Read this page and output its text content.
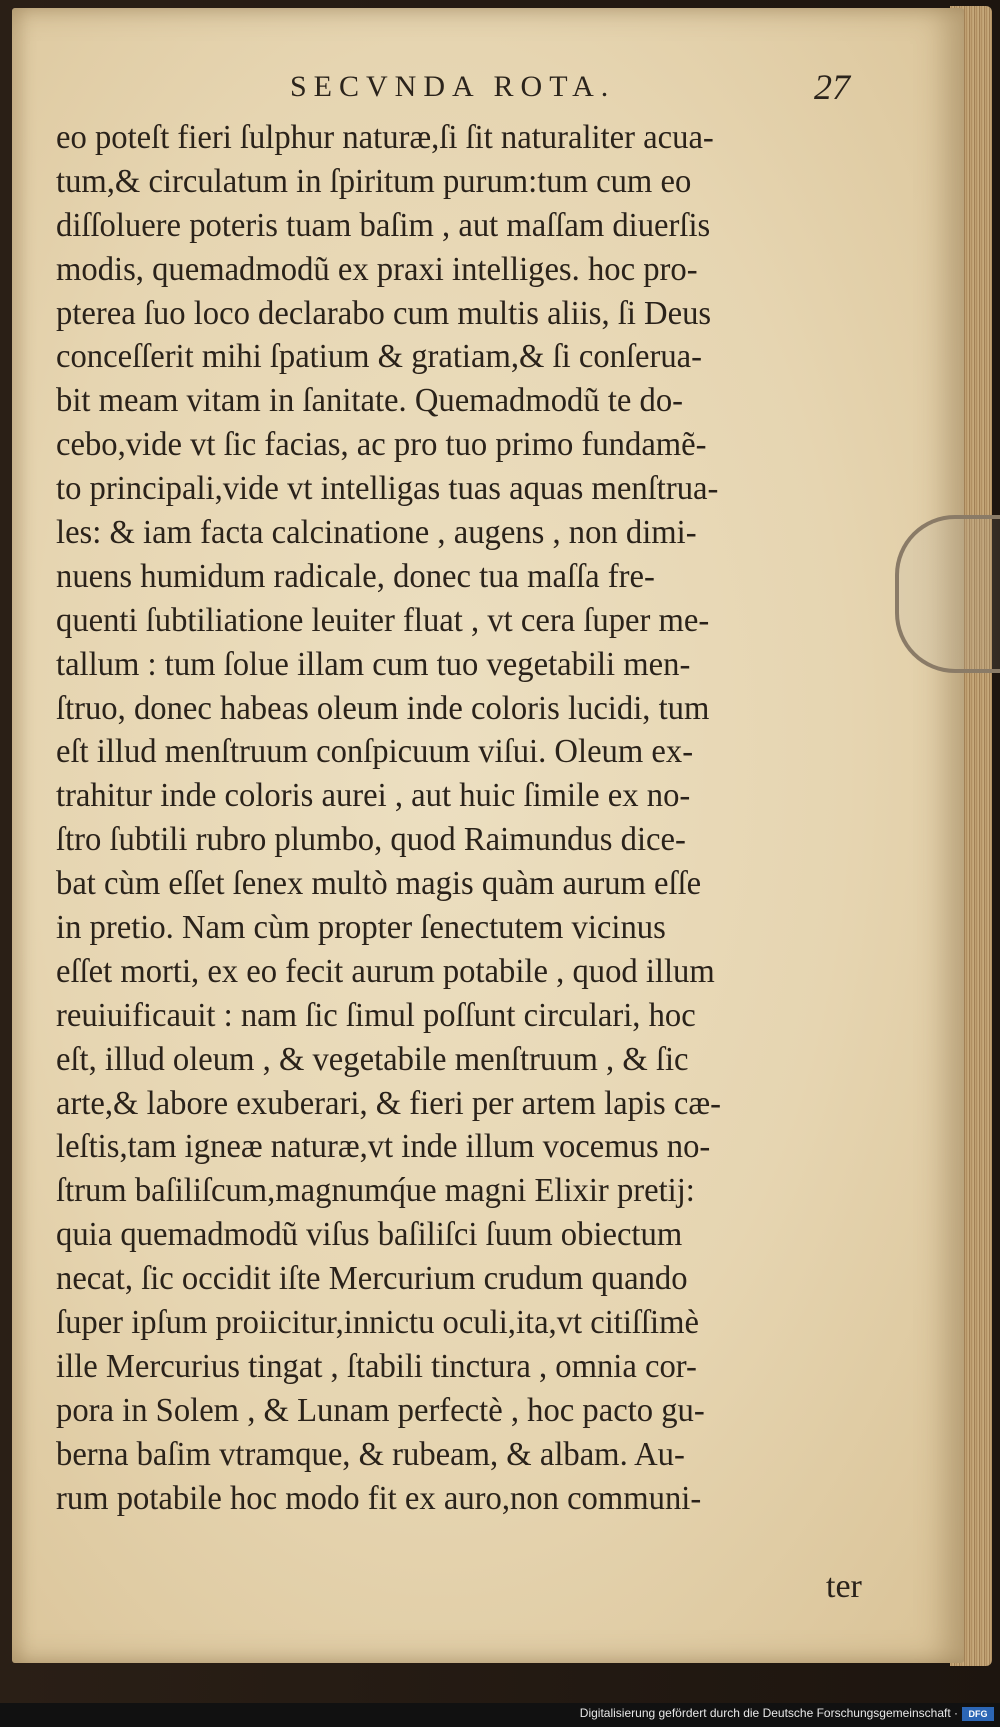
SECVNDA ROTA.	27
eo poteſt fieri ſulphur naturæ,ſi ſit naturaliter acua-
tum,& circulatum in ſpiritum purum:tum cum eo
diſſoluere poteris tuam baſim , aut maſſam diuerſis
modis, quemadmodũ ex praxi intelliges. hoc pro-
pterea ſuo loco declarabo cum multis aliis, ſi Deus
conceſſerit mihi ſpatium & gratiam,& ſi conſerua-
bit meam vitam in ſanitate. Quemadmodũ te do-
cebo,vide vt ſic facias, ac pro tuo primo fundamẽ-
to principali,vide vt intelligas tuas aquas menſtrua-
les: & iam facta calcinatione , augens , non dimi-
nuens humidum radicale, donec tua maſſa fre-
quenti ſubtiliatione leuiter fluat , vt cera ſuper me-
tallum : tum ſolue illam cum tuo vegetabili men-
ſtruo, donec habeas oleum inde coloris lucidi, tum
eſt illud menſtruum conſpicuum viſui. Oleum ex-
trahitur inde coloris aurei , aut huic ſimile ex no-
ſtro ſubtili rubro plumbo, quod Raimundus dice-
bat cùm eſſet ſenex multò magis quàm aurum eſſe
in pretio. Nam cùm propter ſenectutem vicinus
eſſet morti, ex eo fecit aurum potabile , quod illum
reuiuificauit : nam ſic ſimul poſſunt circulari, hoc
eſt, illud oleum , & vegetabile menſtruum , & ſic
arte,& labore exuberari, & fieri per artem lapis cæ-
leſtis,tam igneæ naturæ,vt inde illum vocemus no-
ſtrum baſiliſcum,magnumq́ue magni Elixir pretij:
quia quemadmodũ viſus baſiliſci ſuum obiectum
necat, ſic occidit iſte Mercurium crudum quando
ſuper ipſum proiicitur,innictu oculi,ita,vt citiſſimè
ille Mercurius tingat , ſtabili tinctura , omnia cor-
pora in Solem , & Lunam perfectè , hoc pacto gu-
berna baſim vtramque, & rubeam, & albam. Au-
rum potabile hoc modo fit ex auro,non communi-
ter
Digitalisierung gefördert durch die Deutsche Forschungsgemeinschaft ·	DFG
